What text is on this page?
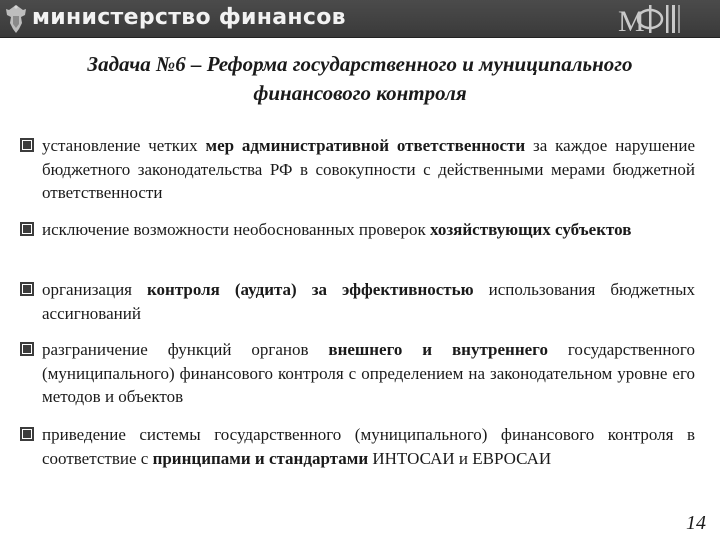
министерство финансов	M
Задача №6 – Реформа государственного и муниципального
финансового контроля
установление четких мер административной ответственности за каждое нарушение бюджетного законодательства РФ в совокупности с действенными мерами бюджетной ответственности
исключение возможности необоснованных проверок хозяйствующих субъектов
организация контроля (аудита) за эффективностью использования бюджетных ассигнований
разграничение функций органов внешнего и внутреннего государственного (муниципального) финансового контроля с определением на законодательном уровне его методов и объектов
приведение системы государственного (муниципального) финансового контроля в соответствие с принципами и стандартами ИНТОСАИ и ЕВРОСАИ
14
